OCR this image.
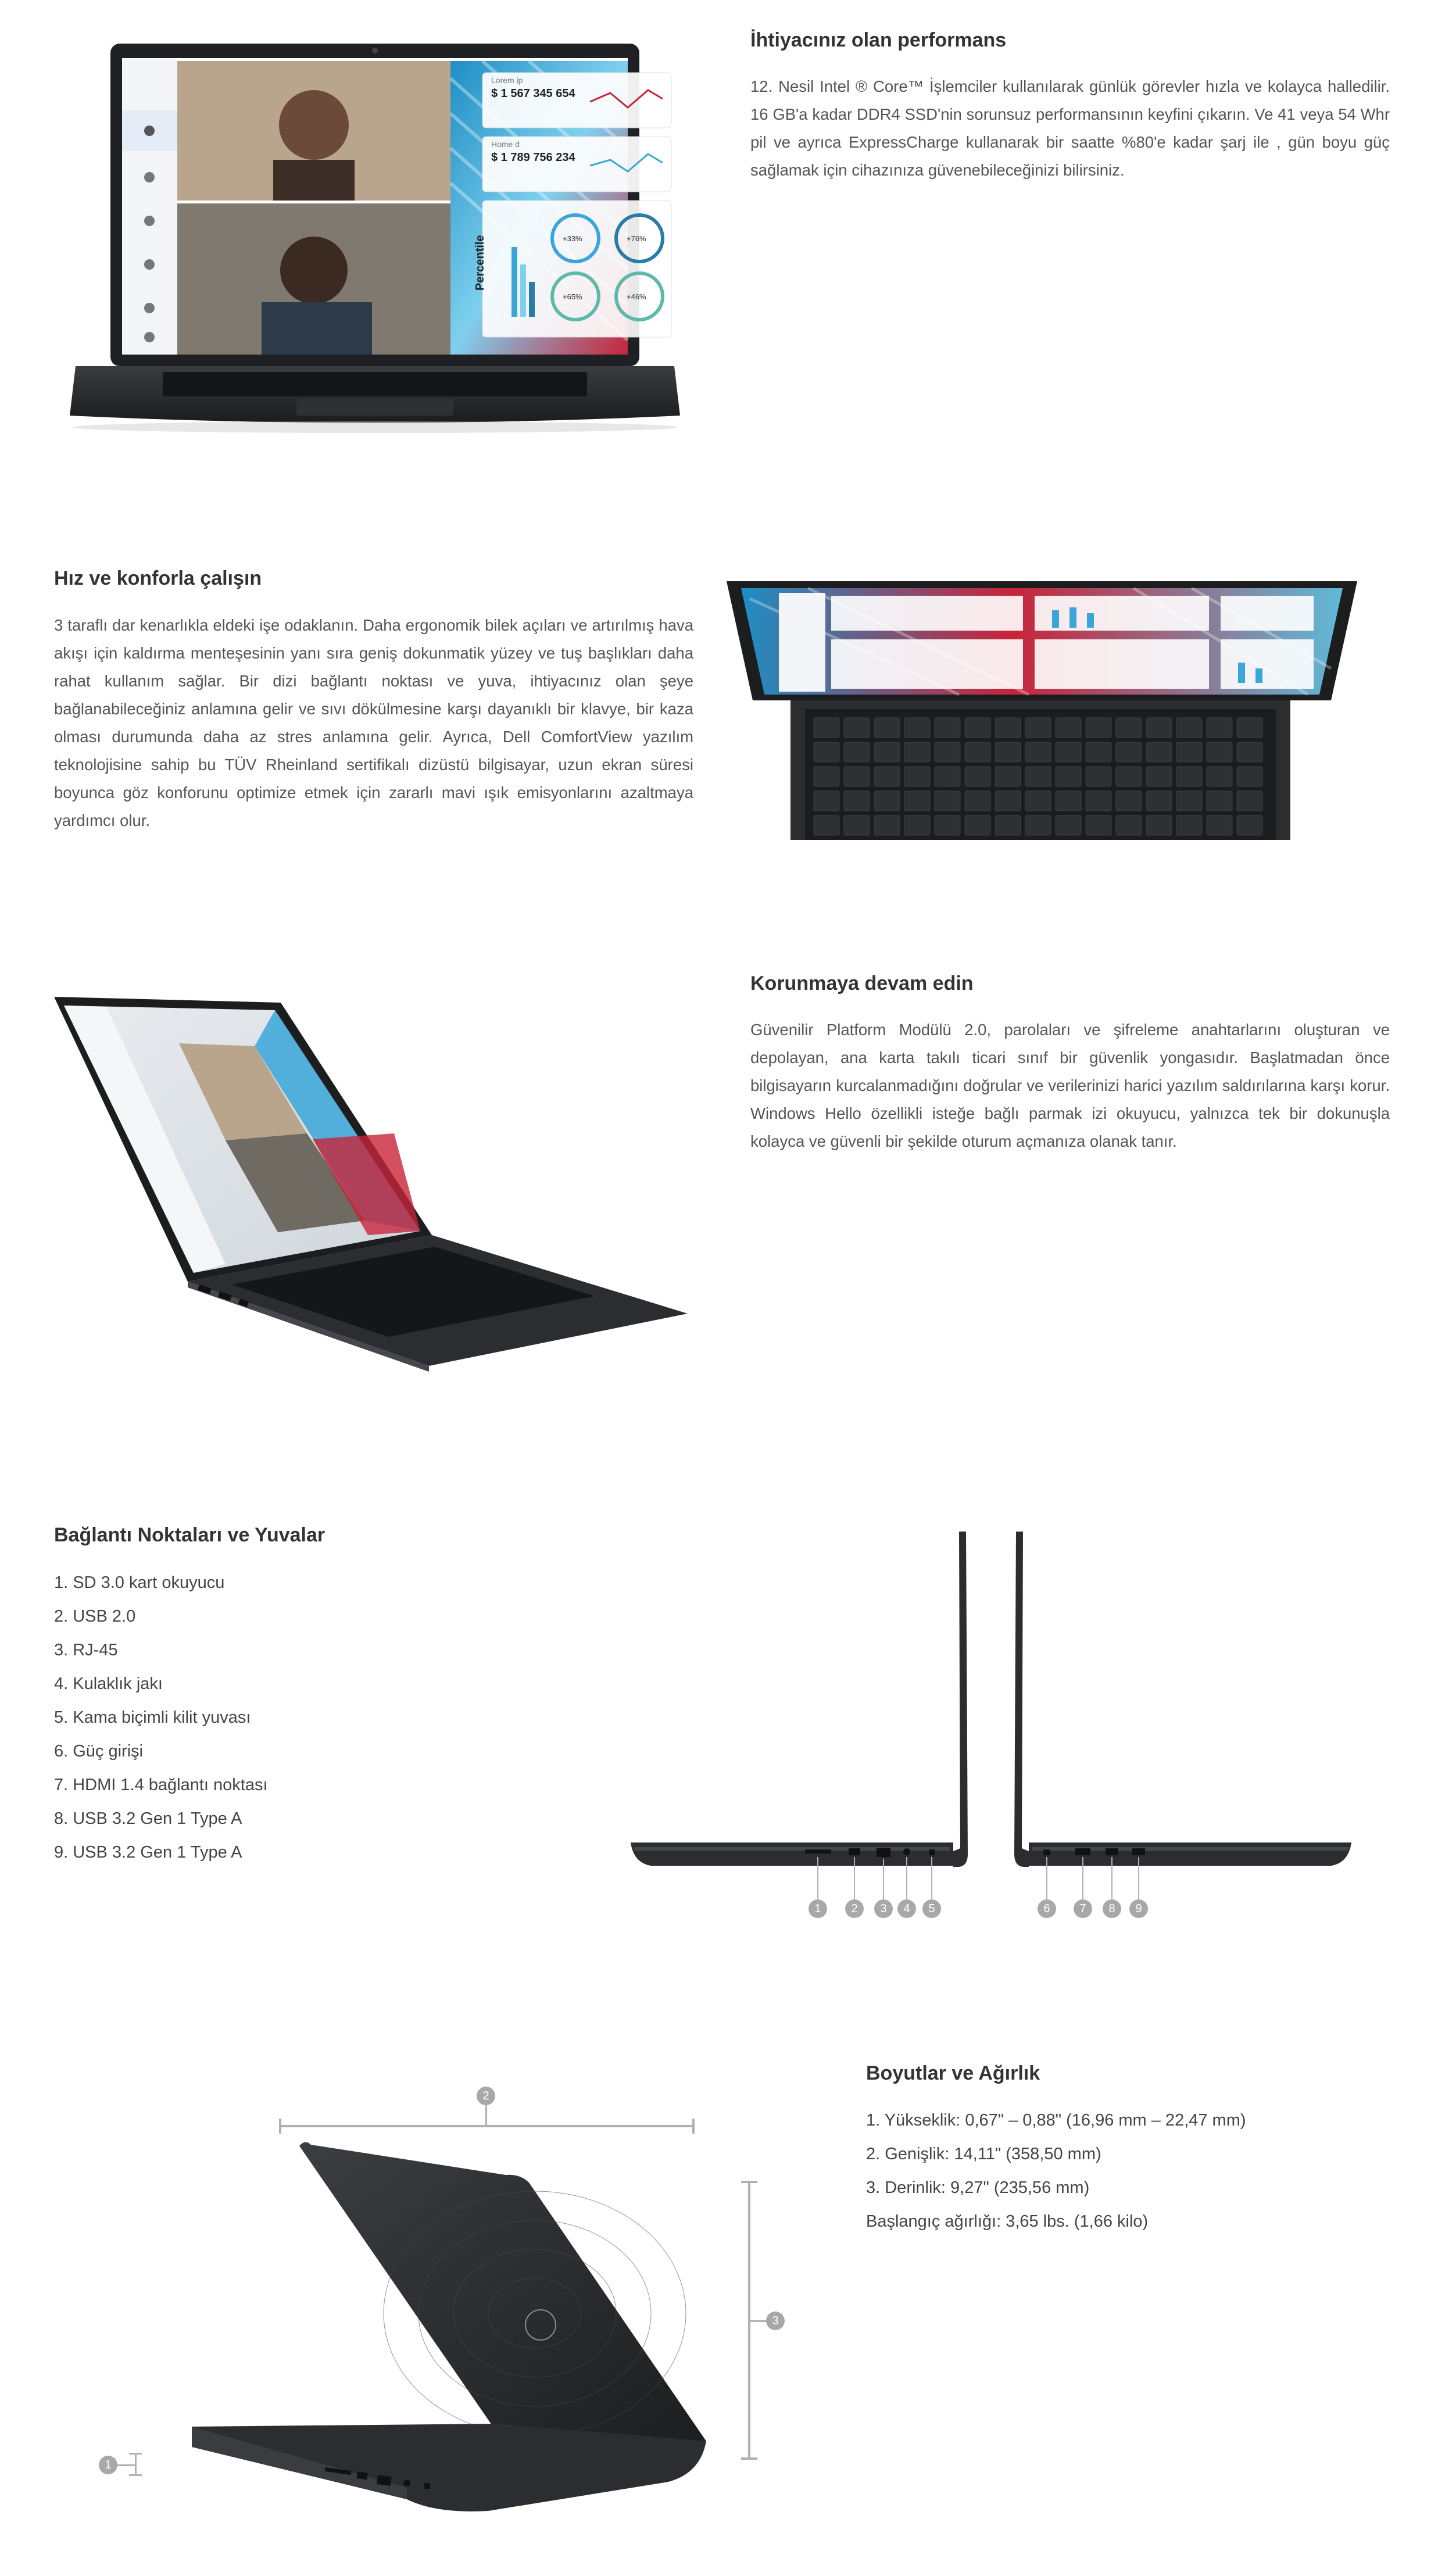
Lorem ip
$ 1 567 345 654
Home d
$ 1 789 756 234
Percentile	+33%	+76%
+65%	+46%
İhtiyacınız olan performans

12. Nesil Intel ® Core™ İşlemciler kullanılarak günlük görevler hızla ve kolayca halledilir. 16 GB'a kadar DDR4 SSD'nin sorunsuz performansının keyfini çıkarın. Ve 41 veya 54 Whr pil ve ayrıca ExpressCharge kullanarak bir saatte %80'e kadar şarj ile , gün boyu güç sağlamak için cihazınıza güvenebileceğinizi bilirsiniz.

Hız ve konforla çalışın

3 taraflı dar kenarlıkla eldeki işe odaklanın. Daha ergonomik bilek açıları ve artırılmış hava akışı için kaldırma menteşesinin yanı sıra geniş dokunmatik yüzey ve tuş başlıkları daha rahat kullanım sağlar. Bir dizi bağlantı noktası ve yuva, ihtiyacınız olan şeye bağlanabileceğiniz anlamına gelir ve sıvı dökülmesine karşı dayanıklı bir klavye, bir kaza olması durumunda daha az stres anlamına gelir. Ayrıca, Dell ComfortView yazılım teknolojisine sahip bu TÜV Rheinland sertifikalı dizüstü bilgisayar, uzun ekran süresi boyunca göz konforunu optimize etmek için zararlı mavi ışık emisyonlarını azaltmaya yardımcı olur.

Korunmaya devam edin

Güvenilir Platform Modülü 2.0, parolaları ve şifreleme anahtarlarını oluşturan ve depolayan, ana karta takılı ticari sınıf bir güvenlik yongasıdır. Başlatmadan önce bilgisayarın kurcalanmadığını doğrular ve verilerinizi harici yazılım saldırılarına karşı korur. Windows Hello özellikli isteğe bağlı parmak izi okuyucu, yalnızca tek bir dokunuşla kolayca ve güvenli bir şekilde oturum açmanıza olanak tanır.

Bağlantı Noktaları ve Yuvalar
1. SD 3.0 kart okuyucu
2. USB 2.0
3. RJ-45
4. Kulaklık jakı
5. Kama biçimli kilit yuvası
6. Güç girişi
7. HDMI 1.4 bağlantı noktası
8. USB 3.2 Gen 1 Type A
9. USB 3.2 Gen 1 Type A
1	2	3	4	5	6	7	8	9
2
3
1
Boyutlar ve Ağırlık
1. Yükseklik: 0,67" – 0,88" (16,96 mm – 22,47 mm)
2. Genişlik: 14,11" (358,50 mm)
3. Derinlik: 9,27" (235,56 mm)
Başlangıç ağırlığı: 3,65 lbs. (1,66 kilo)
